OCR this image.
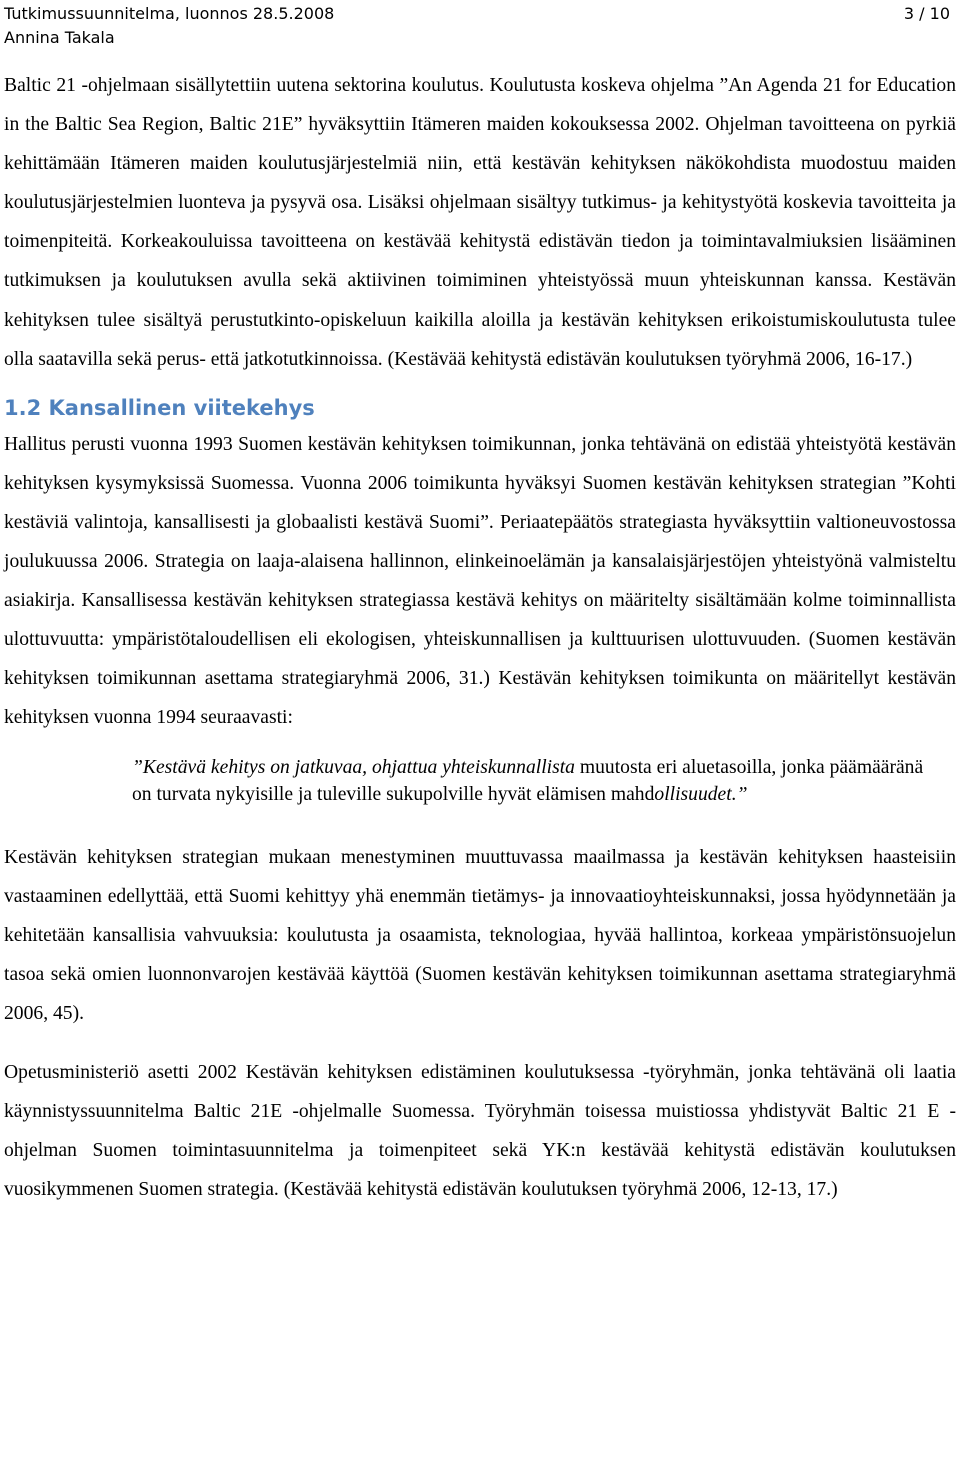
Tutkimussuunnitelma, luonnos 28.5.2008
Annina Takala
3 / 10

Baltic 21 -ohjelmaan sisällytettiin uutena sektorina koulutus. Koulutusta koskeva ohjelma ”An Agenda 21 for Education in the Baltic Sea Region, Baltic 21E” hyväksyttiin Itämeren maiden kokouksessa 2002. Ohjelman tavoitteena on pyrkiä kehittämään Itämeren maiden koulutusjärjestelmiä niin, että kestävän kehityksen näkökohdista muodostuu maiden koulutusjärjestelmien luonteva ja pysyvä osa. Lisäksi ohjelmaan sisältyy tutkimus- ja kehitystyötä koskevia tavoitteita ja toimenpiteitä. Korkeakouluissa tavoitteena on kestävää kehitystä edistävän tiedon ja toimintavalmiuksien lisääminen tutkimuksen ja koulutuksen avulla sekä aktiivinen toimiminen yhteistyössä muun yhteiskunnan kanssa. Kestävän kehityksen tulee sisältyä perustutkinto-opiskeluun kaikilla aloilla ja kestävän kehityksen erikoistumiskoulutusta tulee olla saatavilla sekä perus- että jatkotutkinnoissa. (Kestävää kehitystä edistävän koulutuksen työryhmä 2006, 16-17.)

1.2 Kansallinen viitekehys

Hallitus perusti vuonna 1993 Suomen kestävän kehityksen toimikunnan, jonka tehtävänä on edistää yhteistyötä kestävän kehityksen kysymyksissä Suomessa. Vuonna 2006 toimikunta hyväksyi Suomen kestävän kehityksen strategian ”Kohti kestäviä valintoja, kansallisesti ja globaalisti kestävä Suomi”. Periaatepäätös strategiasta hyväksyttiin valtioneuvostossa joulukuussa 2006. Strategia on laaja-alaisena hallinnon, elinkeinoelämän ja kansalaisjärjestöjen yhteistyönä valmisteltu asiakirja. Kansallisessa kestävän kehityksen strategiassa kestävä kehitys on määritelty sisältämään kolme toiminnallista ulottuvuutta: ympäristötaloudellisen eli ekologisen, yhteiskunnallisen ja kulttuurisen ulottuvuuden. (Suomen kestävän kehityksen toimikunnan asettama strategiaryhmä 2006, 31.) Kestävän kehityksen toimikunta on määritellyt kestävän kehityksen vuonna 1994 seuraavasti:

”Kestävä kehitys on jatkuvaa, ohjattua yhteiskunnallista muutosta eri aluetasoilla, jonka päämääränä on turvata nykyisille ja tuleville sukupolville hyvät elämisen mahdollisuudet.”

Kestävän kehityksen strategian mukaan menestyminen muuttuvassa maailmassa ja kestävän kehityksen haasteisiin vastaaminen edellyttää, että Suomi kehittyy yhä enemmän tietämys- ja innovaatioyhteiskunnaksi, jossa hyödynnetään ja kehitetään kansallisia vahvuuksia: koulutusta ja osaamista, teknologiaa, hyvää hallintoa, korkeaa ympäristönsuojelun tasoa sekä omien luonnonvarojen kestävää käyttöä (Suomen kestävän kehityksen toimikunnan asettama strategiaryhmä 2006, 45).

Opetusministeriö asetti 2002 Kestävän kehityksen edistäminen koulutuksessa -työryhmän, jonka tehtävänä oli laatia käynnistyssuunnitelma Baltic 21E -ohjelmalle Suomessa. Työryhmän toisessa muistiossa yhdistyvät Baltic 21 E -ohjelman Suomen toimintasuunnitelma ja toimenpiteet sekä YK:n kestävää kehitystä edistävän koulutuksen vuosikymmenen Suomen strategia. (Kestävää kehitystä edistävän koulutuksen työryhmä 2006, 12-13, 17.)
